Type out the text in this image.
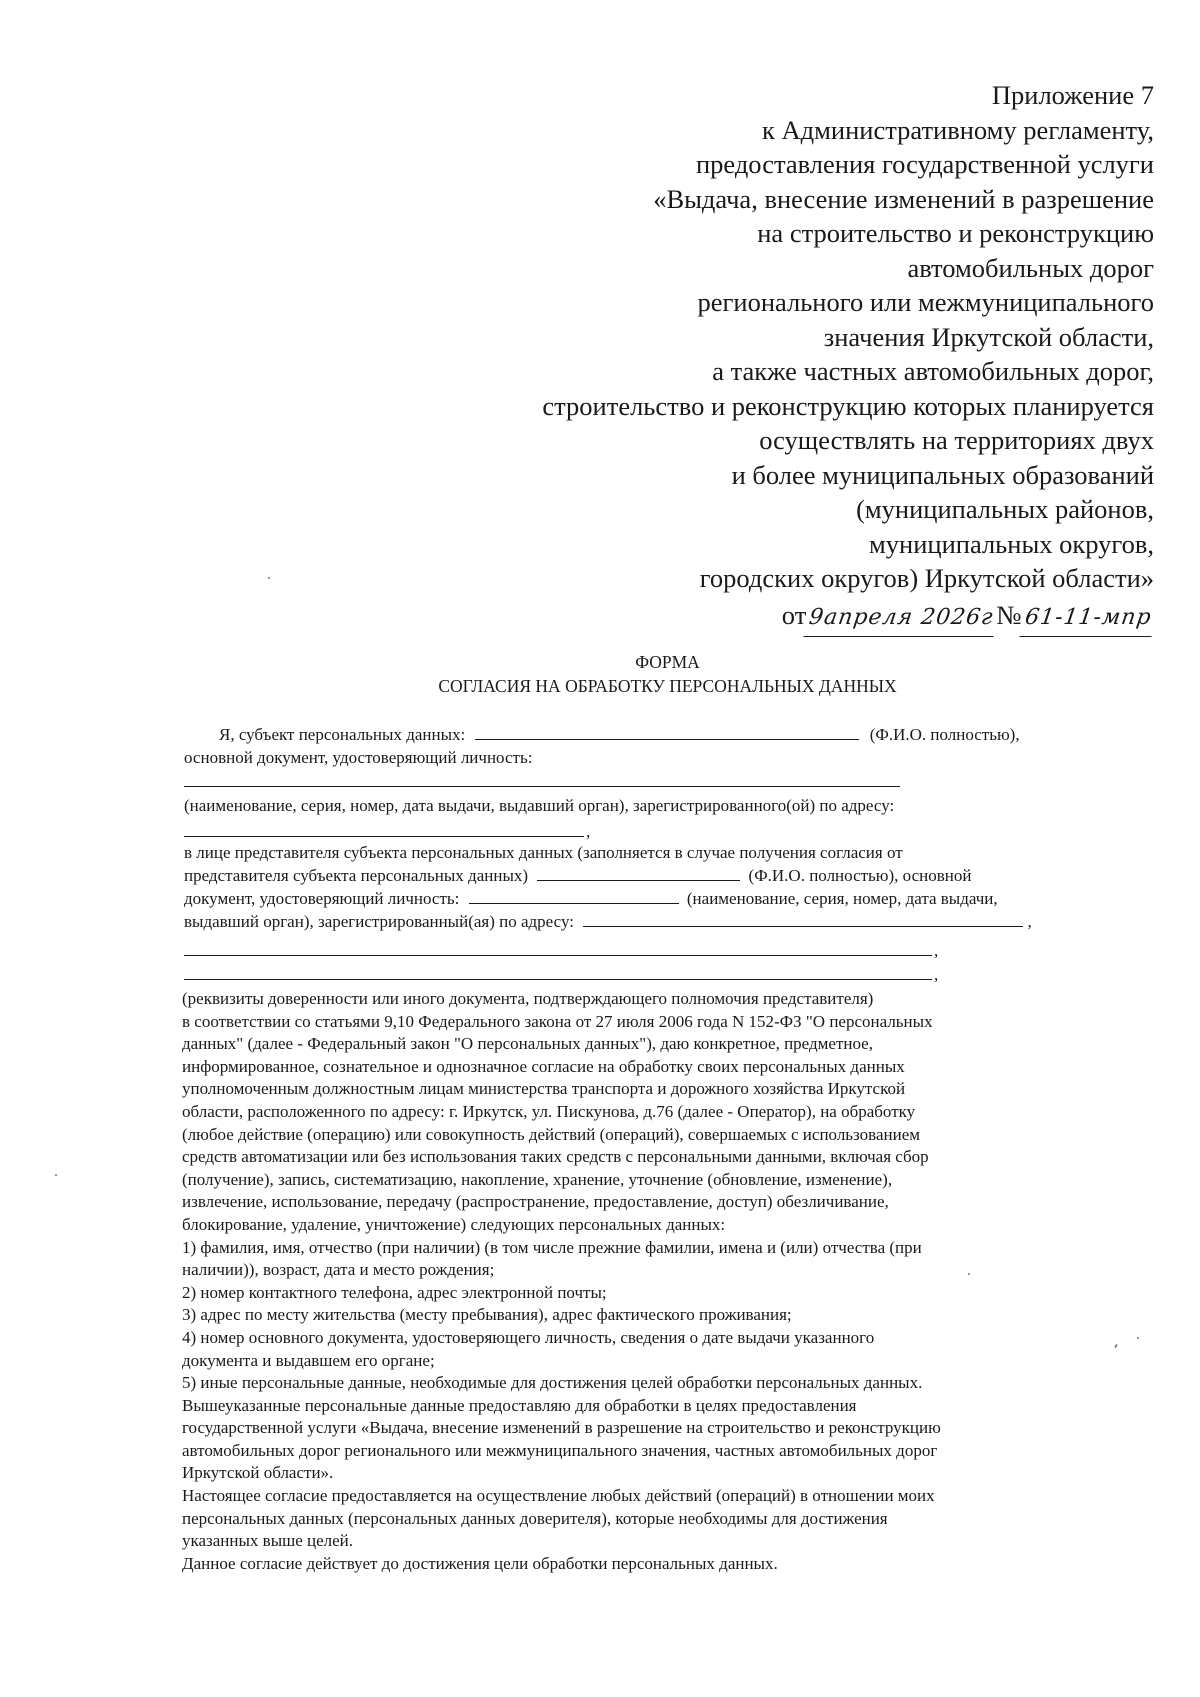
Приложение 7
к Административному регламенту,
предоставления государственной услуги
«Выдача, внесение изменений в разрешение
на строительство и реконструкцию
автомобильных дорог
регионального или межмуниципального
значения Иркутской области,
а также частных автомобильных дорог,
строительство и реконструкцию которых планируется
осуществлять на территориях двух
и более муниципальных образований
(муниципальных районов,
муниципальных округов,
городских округов) Иркутской области»
от9апреля 2026г№61-11-мпр
ФОРМА
СОГЛАСИЯ НА ОБРАБОТКУ ПЕРСОНАЛЬНЫХ ДАННЫХ
Я, субъект персональных данных:	(Ф.И.О. полностью),
основной документ, удостоверяющий личность:
(наименование, серия, номер, дата выдачи, выдавший орган), зарегистрированного(ой) по адресу:
,
в лице представителя субъекта персональных данных (заполняется в случае получения согласия от
представителя субъекта персональных данных)	(Ф.И.О. полностью), основной
документ, удостоверяющий личность:	(наименование, серия, номер, дата выдачи,
выдавший орган), зарегистрированный(ая) по адресу:	,
,
,
(реквизиты доверенности или иного документа, подтверждающего полномочия представителя)
в соответствии со статьями 9,10 Федерального закона от 27 июля 2006 года N 152-ФЗ "О персональных
данных" (далее - Федеральный закон "О персональных данных"), даю конкретное, предметное,
информированное, сознательное и однозначное согласие на обработку своих персональных данных
уполномоченным должностным лицам министерства транспорта и дорожного хозяйства Иркутской
области, расположенного по адресу: г. Иркутск, ул. Пискунова, д.76 (далее - Оператор), на обработку
(любое действие (операцию) или совокупность действий (операций), совершаемых с использованием
средств автоматизации или без использования таких средств с персональными данными, включая сбор
(получение), запись, систематизацию, накопление, хранение, уточнение (обновление, изменение),
извлечение, использование, передачу (распространение, предоставление, доступ) обезличивание,
блокирование, удаление, уничтожение) следующих персональных данных:
1) фамилия, имя, отчество (при наличии) (в том числе прежние фамилии, имена и (или) отчества (при
наличии)), возраст, дата и место рождения;
2) номер контактного телефона, адрес электронной почты;
3) адрес по месту жительства (месту пребывания), адрес фактического проживания;
4) номер основного документа, удостоверяющего личность, сведения о дате выдачи указанного
документа и выдавшем его органе;
5) иные персональные данные, необходимые для достижения целей обработки персональных данных.
Вышеуказанные персональные данные предоставляю для обработки в целях предоставления
государственной услуги «Выдача, внесение изменений в разрешение на строительство и реконструкцию
автомобильных дорог регионального или межмуниципального значения, частных автомобильных дорог
Иркутской области».
Настоящее согласие предоставляется на осуществление любых действий (операций) в отношении моих
персональных данных (персональных данных доверителя), которые необходимы для достижения
указанных выше целей.
Данное согласие действует до достижения цели обработки персональных данных.
